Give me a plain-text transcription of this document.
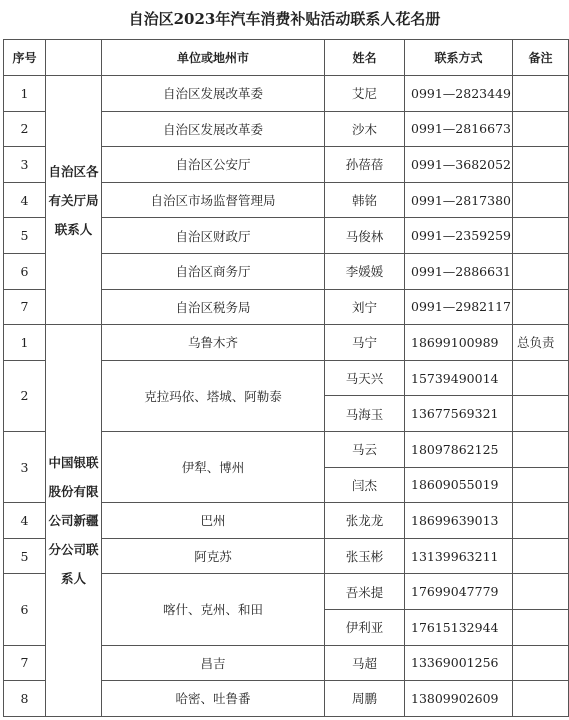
自治区2023年汽车消费补贴活动联系人花名册
序号		单位或地州市	姓名	联系方式	备注
1	自治区各有关厅局联系人	自治区发展改革委	艾尼	0991—2823449	
2		自治区发展改革委	沙木	0991—2816673	
3		自治区公安厅	孙蓓蓓	0991—3682052	
4		自治区市场监督管理局	韩铭	0991—2817380	
5		自治区财政厅	马俊林	0991—2359259	
6		自治区商务厅	李媛媛	0991—2886631	
7		自治区税务局	刘宁	0991—2982117	
1	中国银联股份有限公司新疆分公司联系人	乌鲁木齐	马宁	18699100989	总负责
2		克拉玛依、塔城、阿勒泰	马天兴	15739490014	
			马海玉	13677569321	
3		伊犁、博州	马云	18097862125	
			闫杰	18609055019	
4		巴州	张龙龙	18699639013	
5		阿克苏	张玉彬	13139963211	
6		喀什、克州、和田	吾米提	17699047779	
			伊利亚	17615132944	
7		昌吉	马超	13369001256	
8		哈密、吐鲁番	周鹏	13809902609	
